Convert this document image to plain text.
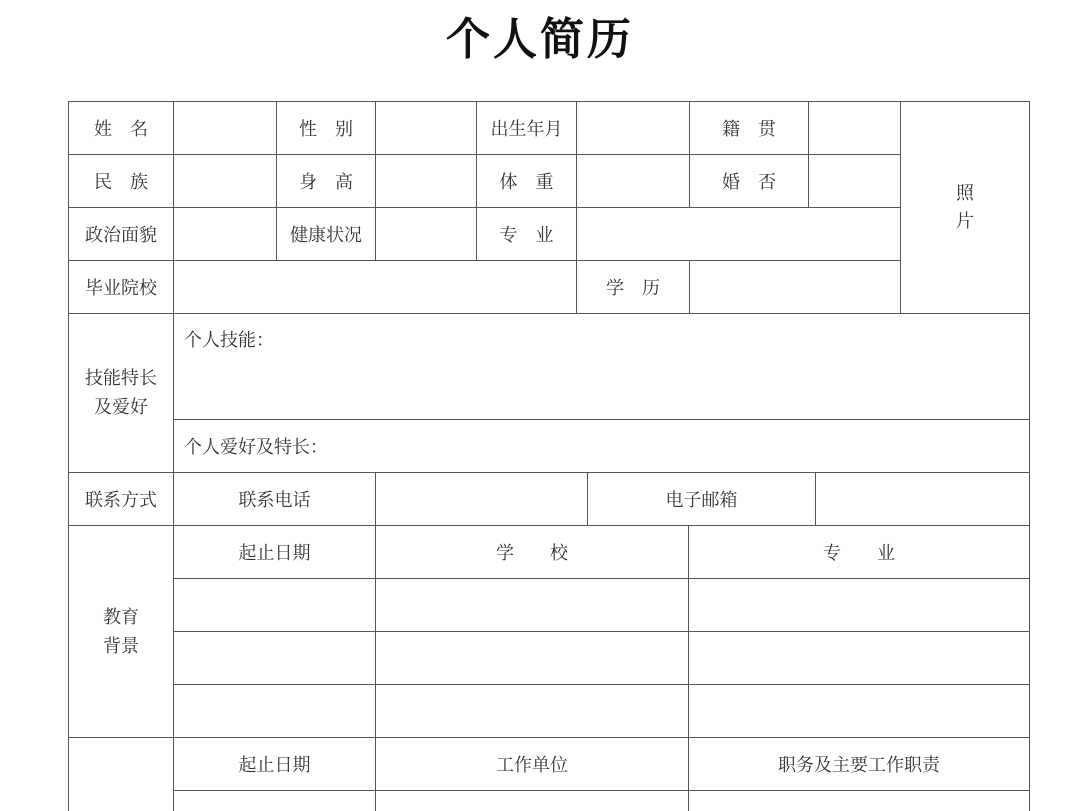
个人简历
姓　名	性　别	出生年月	籍　贯
照片
民　族	身　高	体　重	婚　否
政治面貌	健康状况	专　业
毕业院校	学　历
技能特长及爱好
个人技能：
个人爱好及特长：
联系方式	联系电话	电子邮箱
教育背景
起止日期	学　　校	专　　业
起止日期	工作单位	职务及主要工作职责
